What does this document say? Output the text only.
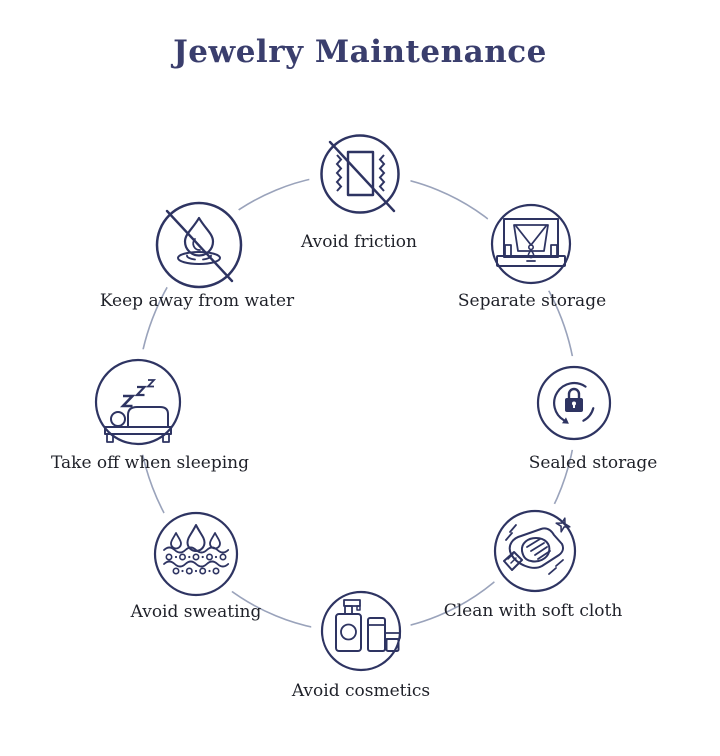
Jewelry Maintenance
Avoid friction
Separate storage
Sealed storage
Clean with soft cloth
Avoid cosmetics
Avoid sweating
Take off when sleeping
Keep away from water
